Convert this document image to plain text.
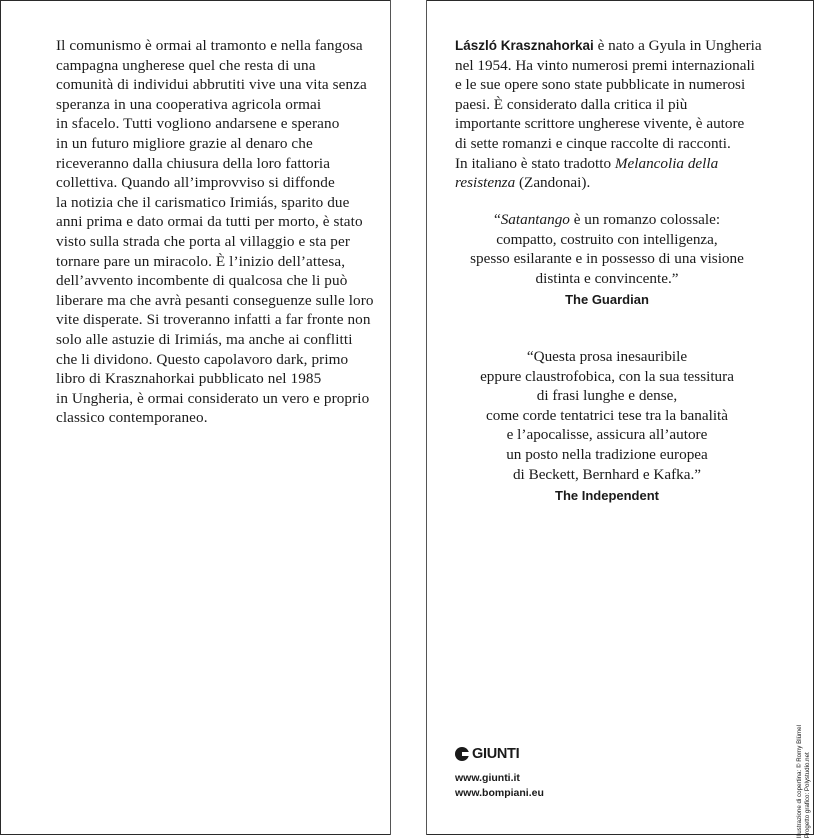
Il comunismo è ormai al tramonto e nella fangosa
campagna ungherese quel che resta di una
comunità di individui abbrutiti vive una vita senza
speranza in una cooperativa agricola ormai
in sfacelo. Tutti vogliono andarsene e sperano
in un futuro migliore grazie al denaro che
riceveranno dalla chiusura della loro fattoria
collettiva. Quando all’improvviso si diffonde
la notizia che il carismatico Irimiás, sparito due
anni prima e dato ormai da tutti per morto, è stato
visto sulla strada che porta al villaggio e sta per
tornare pare un miracolo. È l’inizio dell’attesa,
dell’avvento incombente di qualcosa che li può
liberare ma che avrà pesanti conseguenze sulle loro
vite disperate. Si troveranno infatti a far fronte non
solo alle astuzie di Irimiás, ma anche ai conflitti
che li dividono. Questo capolavoro dark, primo
libro di Krasznahorkai pubblicato nel 1985
in Ungheria, è ormai considerato un vero e proprio
classico contemporaneo.

László Krasznahorkai è nato a Gyula in Ungheria
nel 1954. Ha vinto numerosi premi internazionali
e le sue opere sono state pubblicate in numerosi
paesi. È considerato dalla critica il più
importante scrittore ungherese vivente, è autore
di sette romanzi e cinque raccolte di racconti.
In italiano è stato tradotto Melancolia della
resistenza (Zandonai).

“Satantango è un romanzo colossale:
compatto, costruito con intelligenza,
spesso esilarante e in possesso di una visione
distinta e convincente.”
The Guardian

“Questa prosa inesauribile
eppure claustrofobica, con la sua tessitura
di frasi lunghe e dense,
come corde tentatrici tese tra la banalità
e l’apocalisse, assicura all’autore
un posto nella tradizione europea
di Beckett, Bernhard e Kafka.”
The Independent

GIUNTI
www.giunti.it
www.bompiani.eu	Illustrazione di copertina: © Romy Blümel Progetto grafico: Polystudio.net
